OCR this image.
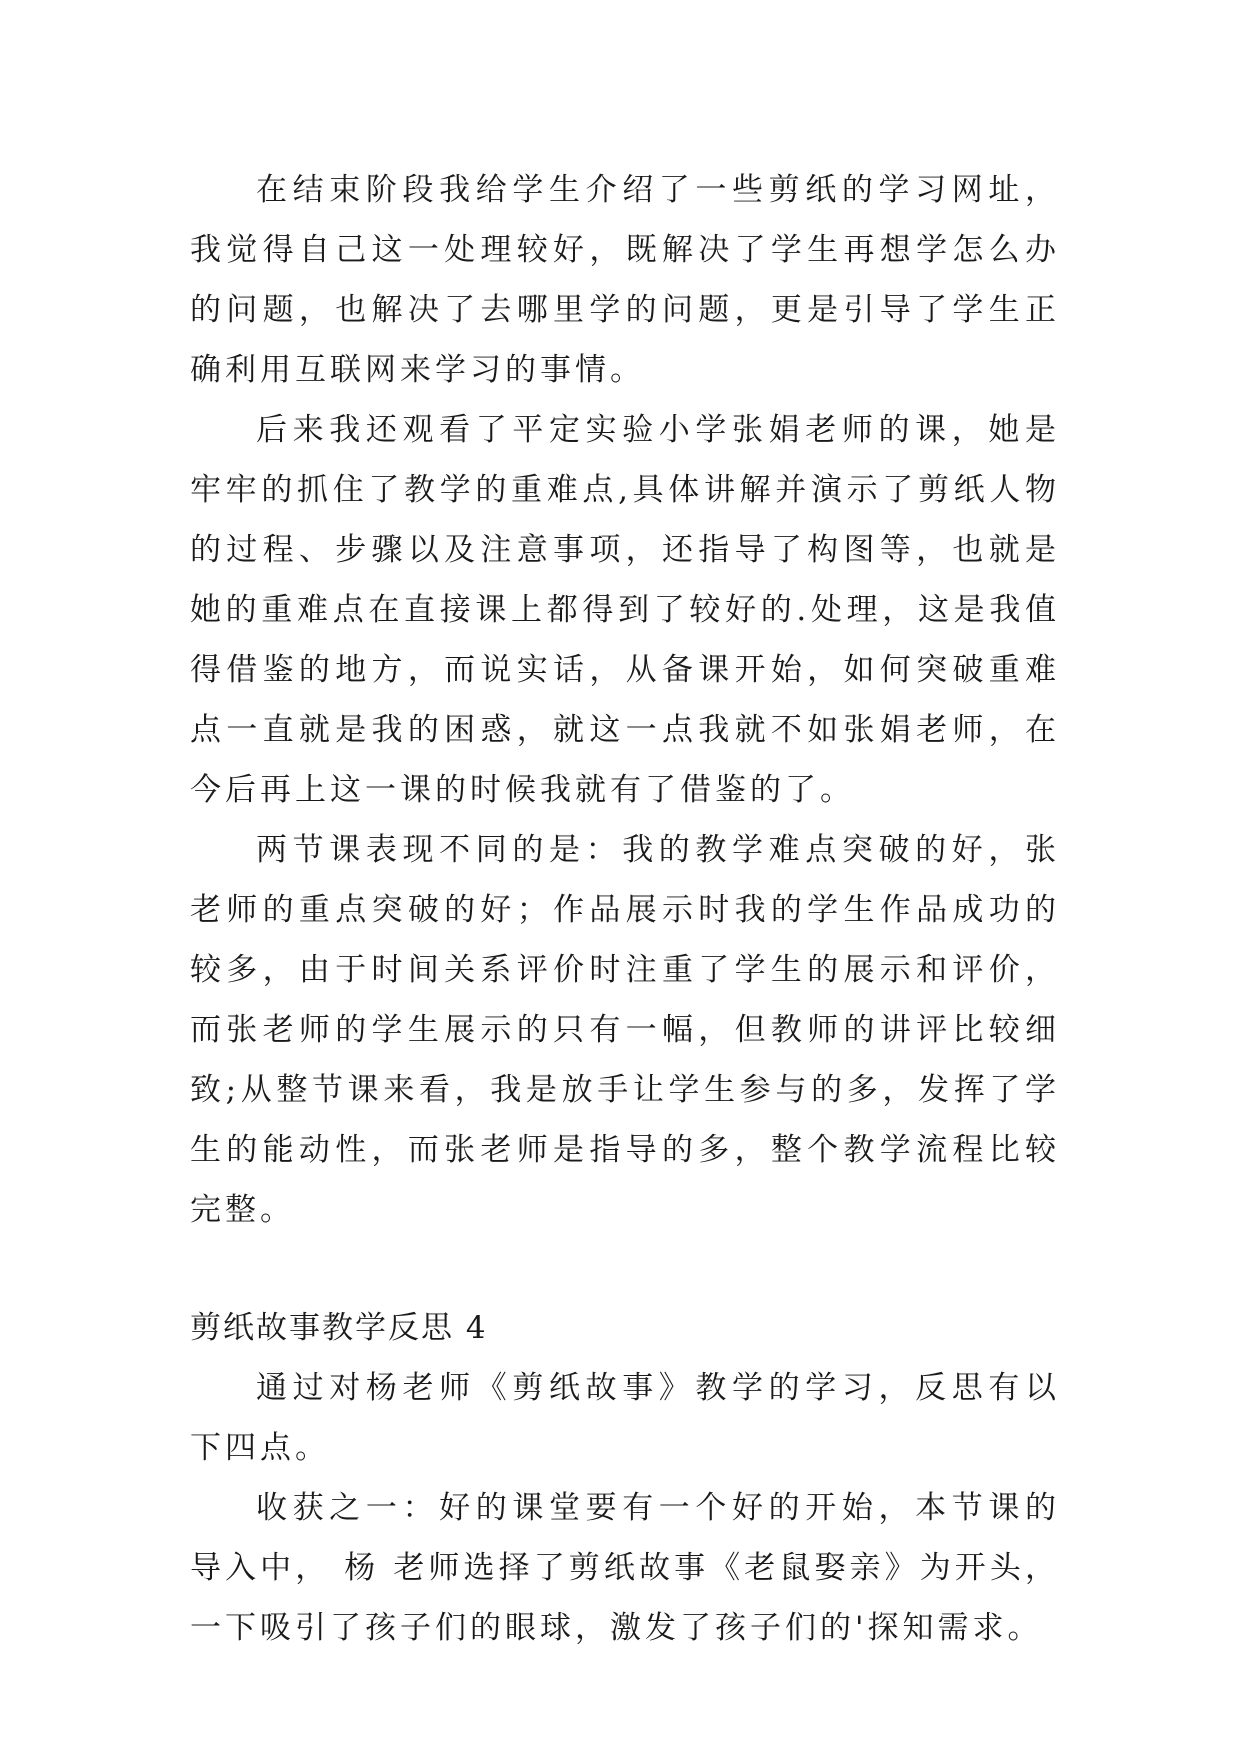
在结束阶段我给学生介绍了一些剪纸的学习网址，我觉得自己这一处理较好，既解决了学生再想学怎么办的问题，也解决了去哪里学的问题，更是引导了学生正确利用互联网来学习的事情。

后来我还观看了平定实验小学张娟老师的课，她是牢牢的抓住了教学的重难点,具体讲解并演示了剪纸人物的过程、步骤以及注意事项，还指导了构图等，也就是她的重难点在直接课上都得到了较好的.处理，这是我值得借鉴的地方，而说实话，从备课开始，如何突破重难点一直就是我的困惑，就这一点我就不如张娟老师，在今后再上这一课的时候我就有了借鉴的了。

两节课表现不同的是：我的教学难点突破的好，张老师的重点突破的好；作品展示时我的学生作品成功的较多，由于时间关系评价时注重了学生的展示和评价，而张老师的学生展示的只有一幅，但教师的讲评比较细致;从整节课来看，我是放手让学生参与的多，发挥了学生的能动性，而张老师是指导的多，整个教学流程比较完整。

剪纸故事教学反思 4

通过对杨老师《剪纸故事》教学的学习，反思有以下四点。

收获之一：好的课堂要有一个好的开始，本节课的导入中， 杨 老师选择了剪纸故事《老鼠娶亲》为开头，一下吸引了孩子们的眼球，激发了孩子们的'探知需求。
